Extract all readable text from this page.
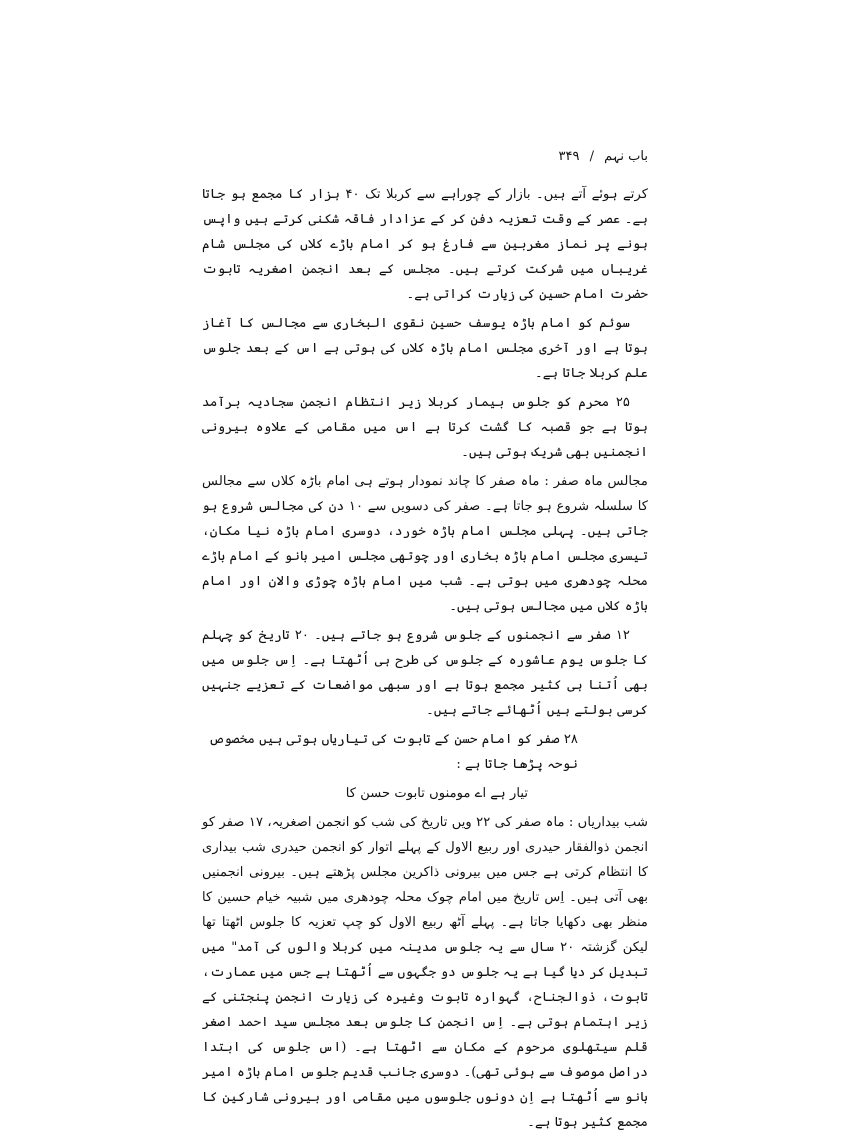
باب نہم / ۳۴۹

کرتے ہوئے آتے ہیں۔ بازار کے چوراہے سے کربلا تک ۴۰ ہزار کا مجمع ہو جاتا ہے۔ عصر کے وقت تعزیہ دفن کر کے عزادار فاقہ شکنی کرتے ہیں واپس ہونے پر نماز مغربین سے فارغ ہو کر امام باڑے کلاں کی مجلس شام غریباں میں شرکت کرتے ہیں۔ مجلس کے بعد انجمن اصغریہ تابوت حضرت امام حسین کی زیارت کراتی ہے۔

سوئم کو امام باڑہ یوسف حسین نقوی البخاری سے مجالس کا آغاز ہوتا ہے اور آخری مجلس امام باڑہ کلاں کی ہوتی ہے اس کے بعد جلوس علم کربلا جاتا ہے۔

۲۵ محرم کو جلوس بیمار کربلا زیر انتظام انجمن سجادیہ برآمد ہوتا ہے جو قصبہ کا گشت کرتا ہے اس میں مقامی کے علاوہ بیرونی انجمنیں بھی شریک ہوتی ہیں۔

مجالس ماہ صفر : ماہ صفر کا چاند نمودار ہوتے ہی امام باڑہ کلاں سے مجالس کا سلسلہ شروع ہو جاتا ہے۔ صفر کی دسویں سے ۱۰ دن کی مجالس شروع ہو جاتی ہیں۔ پہلی مجلس امام باڑہ خورد، دوسری امام باڑہ نیا مکان، تیسری مجلس امام باڑہ بخاری اور چوتھی مجلس امیر بانو کے امام باڑے محلہ چودھری میں ہوتی ہے۔ شب میں امام باڑہ چوڑی والان اور امام باڑہ کلاں میں مجالس ہوتی ہیں۔

۱۲ صفر سے انجمنوں کے جلوس شروع ہو جاتے ہیں۔ ۲۰ تاریخ کو چہلم کا جلوس یوم عاشورہ کے جلوس کی طرح ہی اُٹھتا ہے۔ اِس جلوس میں بھی اُتنا ہی کثیر مجمع ہوتا ہے اور سبھی مواضعات کے تعزیے جنہیں کرسی بولتے ہیں اُٹھائے جاتے ہیں۔

۲۸ صفر کو امام حسن کے تابوت کی تیاریاں ہوتی ہیں مخصوص نوحہ پڑھا جاتا ہے :

تیار ہے اے مومنوں تابوت حسن کا

شب بیداریاں : ماہ صفر کی ۲۲ ویں تاریخ کی شب کو انجمن اصغریہ، ۱۷ صفر کو انجمن ذوالفقار حیدری اور ربیع الاول کے پہلے اتوار کو انجمن حیدری شب بیداری کا انتظام کرتی ہے جس میں بیرونی ذاکرین مجلس پڑھتے ہیں۔ بیرونی انجمنیں بھی آتی ہیں۔ اِس تاریخ میں امام چوک محلہ چودھری میں شبیہ خیام حسین کا منظر بھی دکھایا جاتا ہے۔ پہلے آٹھ ربیع الاول کو چپ تعزیہ کا جلوس اٹھتا تھا لیکن گزشتہ ۲۰ سال سے یہ جلوس مدینہ میں کربلا والوں کی آمد" میں تبدیل کر دیا گیا ہے یہ جلوس دو جگہوں سے اُٹھتا ہے جس میں عمارت، تابوت، ذوالجناح، گہوارہ تابوت وغیرہ کی زیارت انجمن پنجتنی کے زیر اہتمام ہوتی ہے۔ اِس انجمن کا جلوس بعد مجلس سید احمد اصغر قلم سیتھلوی مرحوم کے مکان سے اٹھتا ہے۔ (اس جلوس کی ابتدا دراصل موصوف سے ہوئی تھی)۔ دوسری جانب قدیم جلوس امام باڑہ امیر بانو سے اُٹھتا ہے اِن دونوں جلوسوں میں مقامی اور بیرونی شارکین کا مجمع کثیر ہوتا ہے۔
